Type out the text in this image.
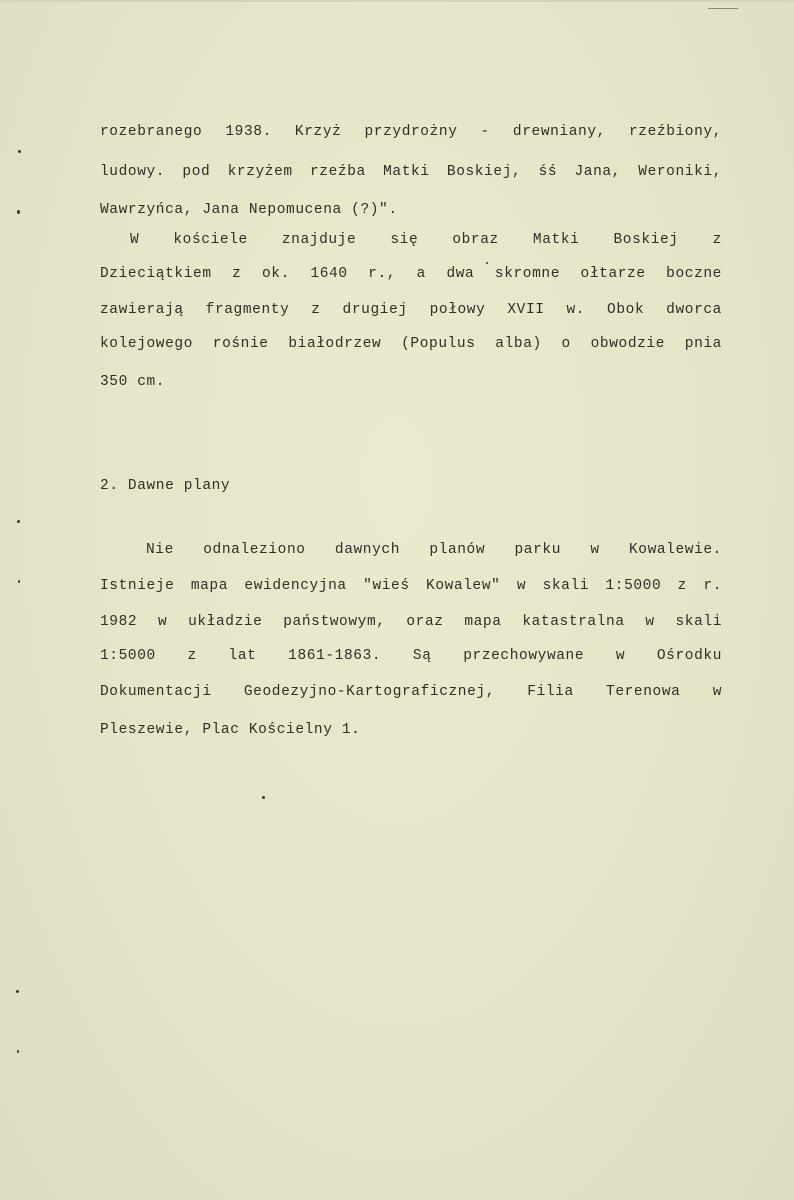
rozebranego 1938. Krzyż przydrożny - drewniany, rzeźbiony,
ludowy. pod krzyżem rzeźba Matki Boskiej, śś Jana, Weroniki,
Wawrzyńca, Jana Nepomucena (?)".
W kościele znajduje się obraz Matki Boskiej z
Dzieciątkiem z ok. 1640 r., a dwa skromne ołtarze boczne
zawierają fragmenty z drugiej połowy XVII w. Obok dworca
kolejowego rośnie białodrzew (Populus alba) o obwodzie pnia
350 cm.
2. Dawne plany
Nie odnaleziono dawnych planów parku w Kowalewie.
Istnieje mapa ewidencyjna "wieś Kowalew" w skali 1:5000 z r.
1982 w układzie państwowym, oraz mapa katastralna w skali
1:5000 z lat 1861-1863. Są przechowywane w Ośrodku
Dokumentacji Geodezyjno-Kartograficznej, Filia Terenowa w
Pleszewie, Plac Kościelny 1.
